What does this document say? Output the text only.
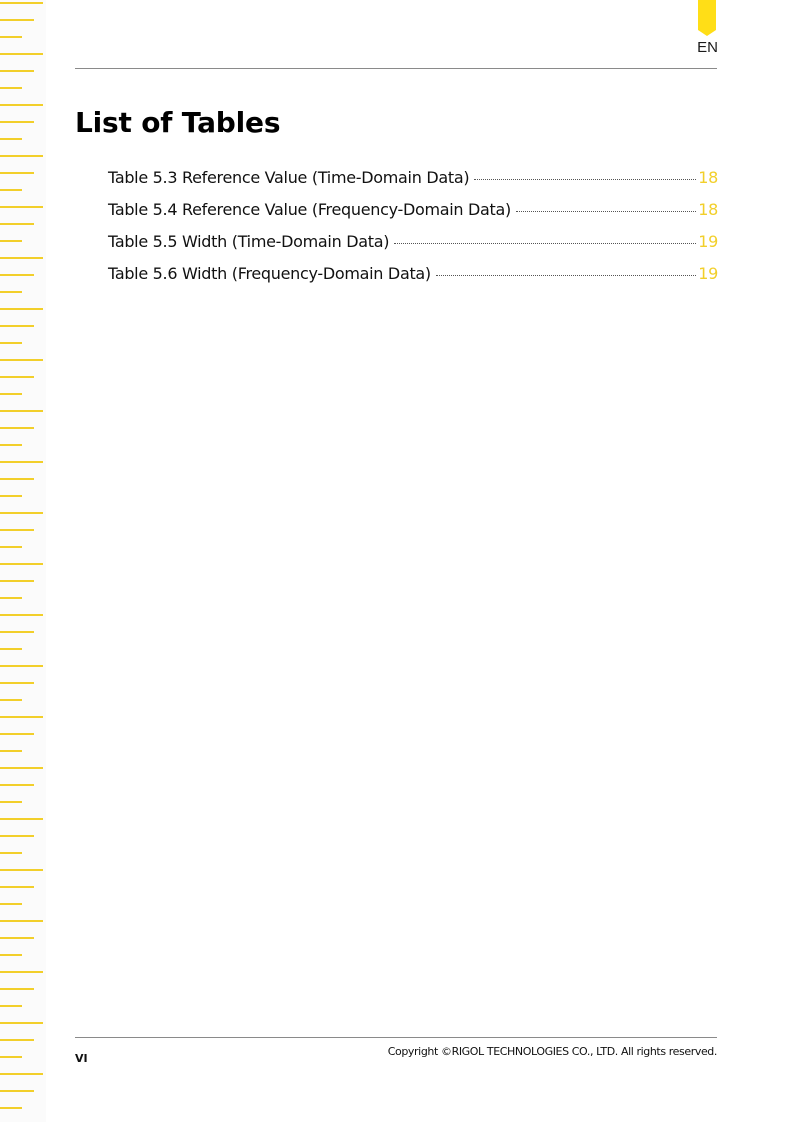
EN
List of Tables
Table 5.3 Reference Value (Time-Domain Data)	18
Table 5.4 Reference Value (Frequency-Domain Data)	18
Table 5.5 Width (Time-Domain Data)	19
Table 5.6 Width (Frequency-Domain Data)	19
VI
Copyright ©RIGOL TECHNOLOGIES CO., LTD. All rights reserved.
